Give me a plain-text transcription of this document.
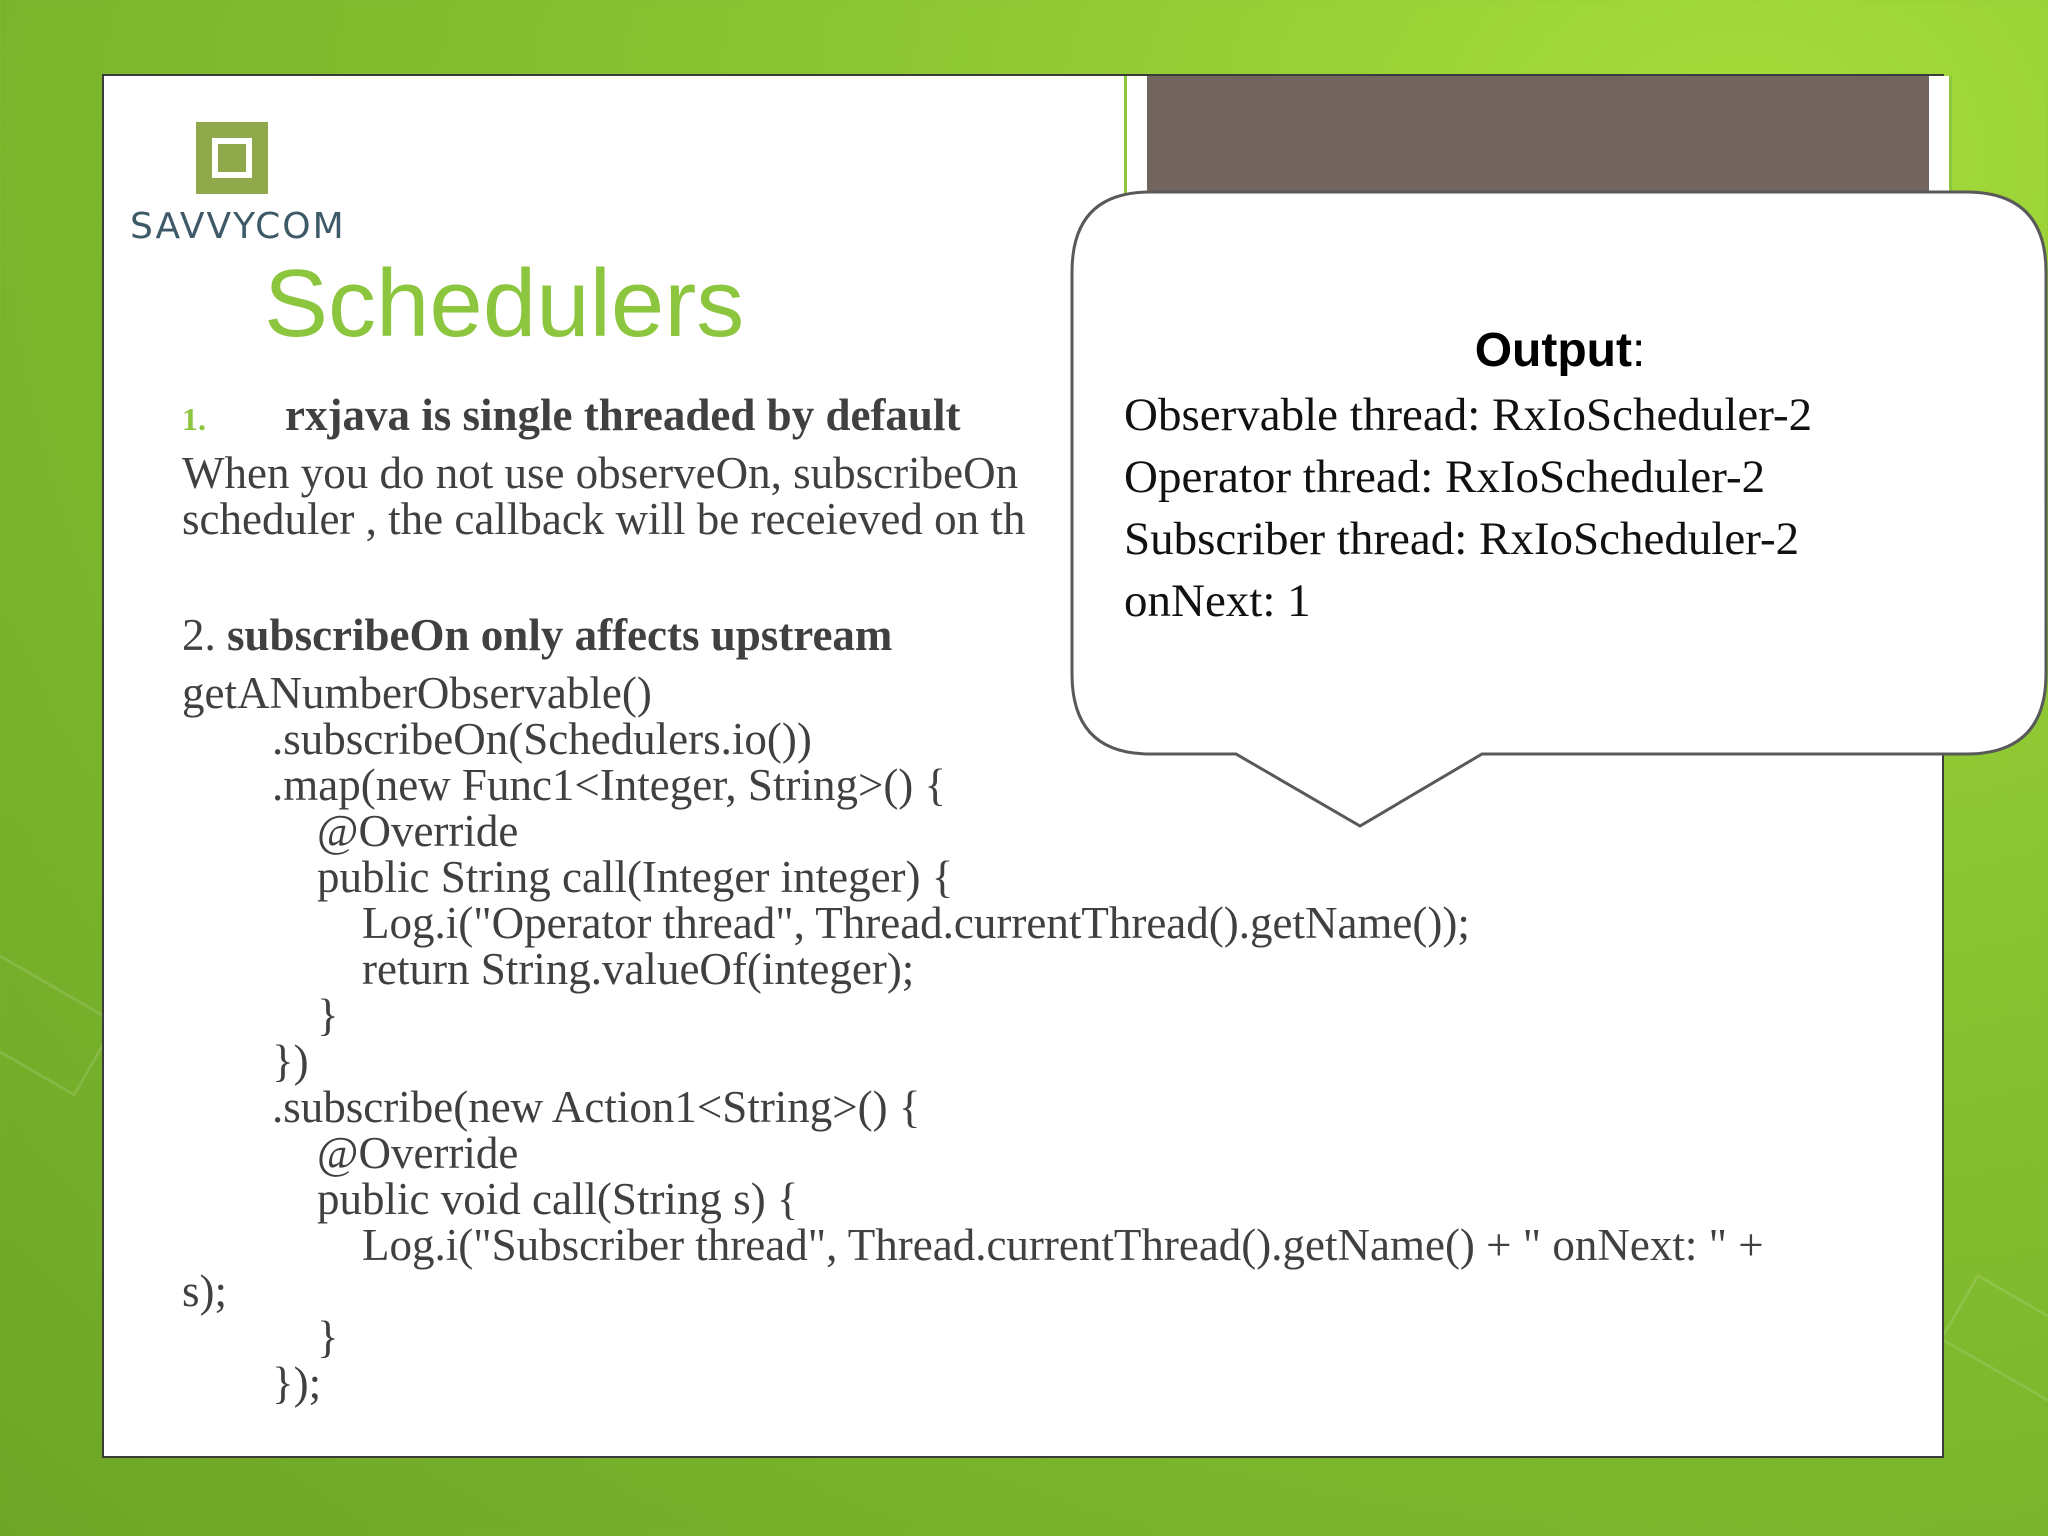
SAVVYCOM
Schedulers
1. rxjava is single threaded by default
When you do not use observeOn, subscribeOn
scheduler , the callback will be receieved on th
2. subscribeOn only affects upstream
getANumberObservable()
.subscribeOn(Schedulers.io())
.map(new Func1<Integer, String>() {
@Override
public String call(Integer integer) {
Log.i("Operator thread", Thread.currentThread().getName());
return String.valueOf(integer);
}
})
.subscribe(new Action1<String>() {
@Override
public void call(String s) {
Log.i("Subscriber thread", Thread.currentThread().getName() + " onNext: " +
s);
}
});
Output:
Observable thread: RxIoScheduler-2
Operator thread: RxIoScheduler-2
Subscriber thread: RxIoScheduler-2
onNext: 1
